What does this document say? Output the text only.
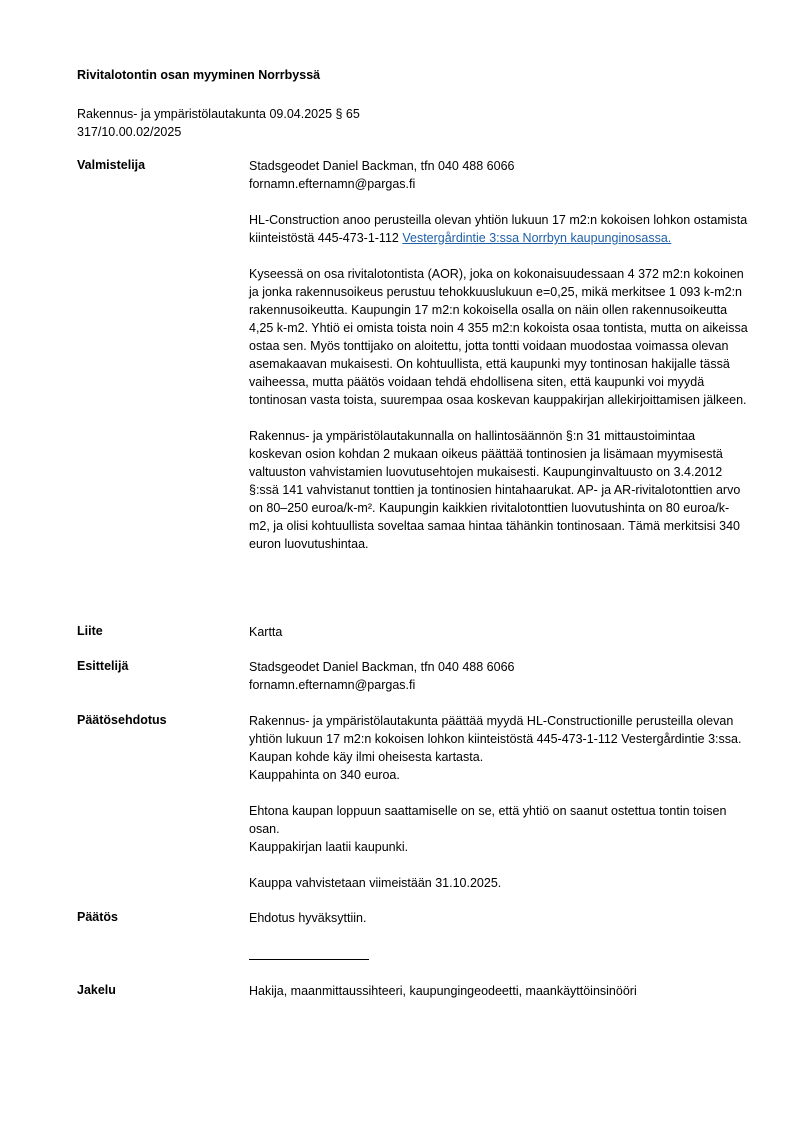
Rivitalotontin osan myyminen Norrbyssä
Rakennus- ja ympäristölautakunta 09.04.2025 § 65
317/10.00.02/2025
Valmistelija	Stadsgeodet Daniel Backman, tfn 040 488 6066
fornamn.efternamn@pargas.fi

HL-Construction anoo perusteilla olevan yhtiön lukuun 17 m2:n kokoisen lohkon ostamista kiinteistöstä 445-473-1-112 Vestergårdintie 3:ssa Norrbyn kaupunginosassa.

Kyseessä on osa rivitalotontista (AOR), joka on kokonaisuudessaan 4 372 m2:n kokoinen ja jonka rakennusoikeus perustuu tehokkuuslukuun e=0,25, mikä merkitsee 1 093 k-m2:n rakennusoikeutta. Kaupungin 17 m2:n kokoisella osalla on näin ollen rakennusoikeutta 4,25 k-m2. Yhtiö ei omista toista noin 4 355 m2:n kokoista osaa tontista, mutta on aikeissa ostaa sen. Myös tonttijako on aloitettu, jotta tontti voidaan muodostaa voimassa olevan asemakaavan mukaisesti. On kohtuullista, että kaupunki myy tontinosan hakijalle tässä vaiheessa, mutta päätös voidaan tehdä ehdollisena siten, että kaupunki voi myydä tontinosan vasta toista, suurempaa osaa koskevan kauppakirjan allekirjoittamisen jälkeen.

Rakennus- ja ympäristölautakunnalla on hallintosäännön §:n 31 mittaustoimintaa koskevan osion kohdan 2 mukaan oikeus päättää tontinosien ja lisämaan myymisestä valtuuston vahvistamien luovutusehtojen mukaisesti. Kaupunginvaltuusto on 3.4.2012 §:ssä 141 vahvistanut tonttien ja tontinosien hintahaarukat. AP- ja AR-rivitalotonttien arvo on 80–250 euroa/k-m². Kaupungin kaikkien rivitalotonttien luovutushinta on 80 euroa/k-m2, ja olisi kohtuullista soveltaa samaa hintaa tähänkin tontinosaan. Tämä merkitsisi 340 euron luovutushintaa.

Liite	Kartta
Esittelijä	Stadsgeodet Daniel Backman, tfn 040 488 6066
fornamn.efternamn@pargas.fi

Päätösehdotus	Rakennus- ja ympäristölautakunta päättää myydä HL-Constructionille perusteilla olevan yhtiön lukuun 17 m2:n kokoisen lohkon kiinteistöstä 445-473-1-112 Vestergårdintie 3:ssa. Kaupan kohde käy ilmi oheisesta kartasta.
Kauppahinta on 340 euroa.

Ehtona kaupan loppuun saattamiselle on se, että yhtiö on saanut ostettua tontin toisen osan.
Kauppakirjan laatii kaupunki.

Kauppa vahvistetaan viimeistään 31.10.2025.

Päätös	Ehdotus hyväksyttiin.
Jakelu	Hakija, maanmittaussihteeri, kaupungingeodeetti, maankäyttöinsinööri
